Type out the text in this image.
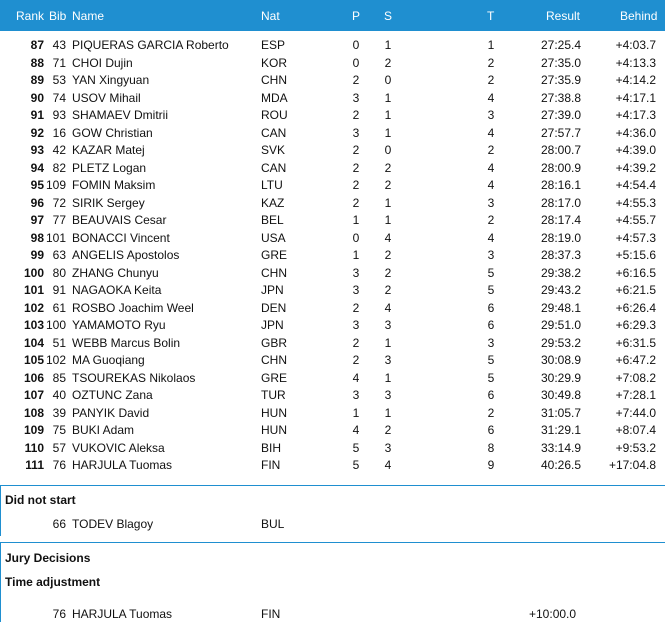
Rank Bib Name	Nat	P S	T	Result	Behind
87 43 PIQUERAS GARCIA Roberto	ESP	0	1	1	27:25.4	+4:03.7
88 71 CHOI Dujin	KOR	0	2	2	27:35.0	+4:13.3
89 53 YAN Xingyuan	CHN	2	0	2	27:35.9	+4:14.2
90 74 USOV Mihail	MDA	3	1	4	27:38.8	+4:17.1
91 93 SHAMAEV Dmitrii	ROU	2	1	3	27:39.0	+4:17.3
92 16 GOW Christian	CAN	3	1	4	27:57.7	+4:36.0
93 42 KAZAR Matej	SVK	2	0	2	28:00.7	+4:39.0
94 82 PLETZ Logan	CAN	2	2	4	28:00.9	+4:39.2
95 109 FOMIN Maksim	LTU	2	2	4	28:16.1	+4:54.4
96 72 SIRIK Sergey	KAZ	2	1	3	28:17.0	+4:55.3
97 77 BEAUVAIS Cesar	BEL	1	1	2	28:17.4	+4:55.7
98 101 BONACCI Vincent	USA	0	4	4	28:19.0	+4:57.3
99 63 ANGELIS Apostolos	GRE	1	2	3	28:37.3	+5:15.6
100 80 ZHANG Chunyu	CHN	3	2	5	29:38.2	+6:16.5
101 91 NAGAOKA Keita	JPN	3	2	5	29:43.2	+6:21.5
102 61 ROSBO Joachim Weel	DEN	2	4	6	29:48.1	+6:26.4
103 100 YAMAMOTO Ryu	JPN	3	3	6	29:51.0	+6:29.3
104 51 WEBB Marcus Bolin	GBR	2	1	3	29:53.2	+6:31.5
105 102 MA Guoqiang	CHN	2	3	5	30:08.9	+6:47.2
106 85 TSOUREKAS Nikolaos	GRE	4	1	5	30:29.9	+7:08.2
107 40 OZTUNC Zana	TUR	3	3	6	30:49.8	+7:28.1
108 39 PANYIK David	HUN	1	1	2	31:05.7	+7:44.0
109 75 BUKI Adam	HUN	4	2	6	31:29.1	+8:07.4
110 57 VUKOVIC Aleksa	BIH	5	3	8	33:14.9	+9:53.2
111 76 HARJULA Tuomas	FIN	5	4	9	40:26.5	+17:04.8
Did not start
66 TODEV Blagoy	BUL
Jury Decisions
Time adjustment
76 HARJULA Tuomas	FIN	+10:00.0
